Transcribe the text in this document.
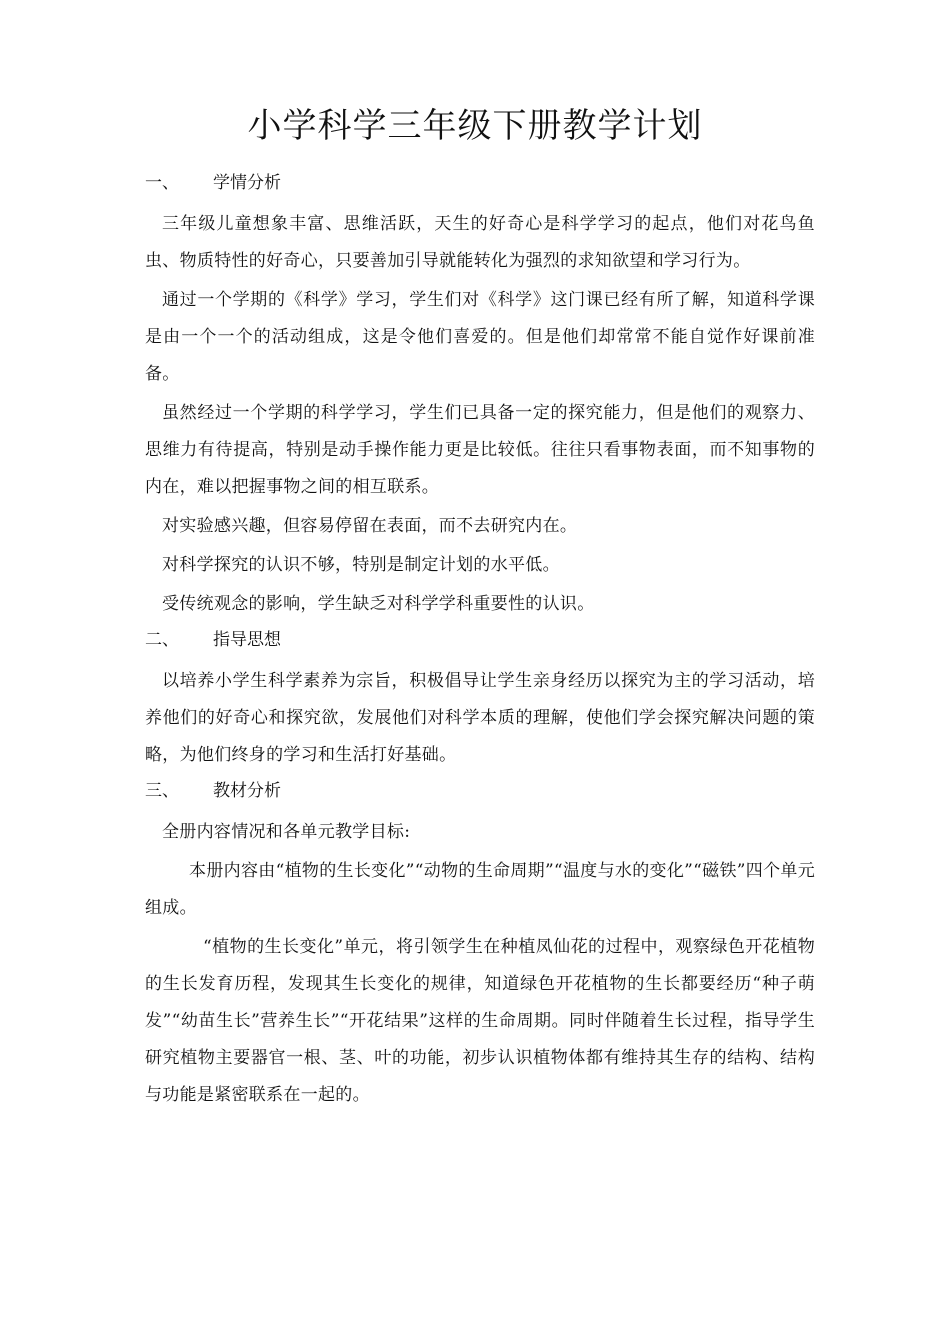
小学科学三年级下册教学计划
一、	学情分析

三年级儿童想象丰富、思维活跃，天生的好奇心是科学学习的起点，他们对花鸟鱼虫、物质特性的好奇心，只要善加引导就能转化为强烈的求知欲望和学习行为。

通过一个学期的《科学》学习，学生们对《科学》这门课已经有所了解，知道科学课是由一个一个的活动组成，这是令他们喜爱的。但是他们却常常不能自觉作好课前准备。

虽然经过一个学期的科学学习，学生们已具备一定的探究能力，但是他们的观察力、思维力有待提高，特别是动手操作能力更是比较低。往往只看事物表面，而不知事物的内在，难以把握事物之间的相互联系。

对实验感兴趣，但容易停留在表面，而不去研究内在。

对科学探究的认识不够，特别是制定计划的水平低。

受传统观念的影响，学生缺乏对科学学科重要性的认识。

二、	指导思想

以培养小学生科学素养为宗旨，积极倡导让学生亲身经历以探究为主的学习活动，培养他们的好奇心和探究欲，发展他们对科学本质的理解，使他们学会探究解决问题的策略，为他们终身的学习和生活打好基础。

三、	教材分析

全册内容情况和各单元教学目标:

本册内容由“植物的生长变化”“动物的生命周期”“温度与水的变化”“磁铁”四个单元组成。

“植物的生长变化”单元，将引领学生在种植凤仙花的过程中，观察绿色开花植物的生长发育历程，发现其生长变化的规律，知道绿色开花植物的生长都要经历“种子萌发”“幼苗生长”营养生长”“开花结果”这样的生命周期。同时伴随着生长过程，指导学生研究植物主要器官一根、茎、叶的功能，初步认识植物体都有维持其生存的结构、结构与功能是紧密联系在一起的。
